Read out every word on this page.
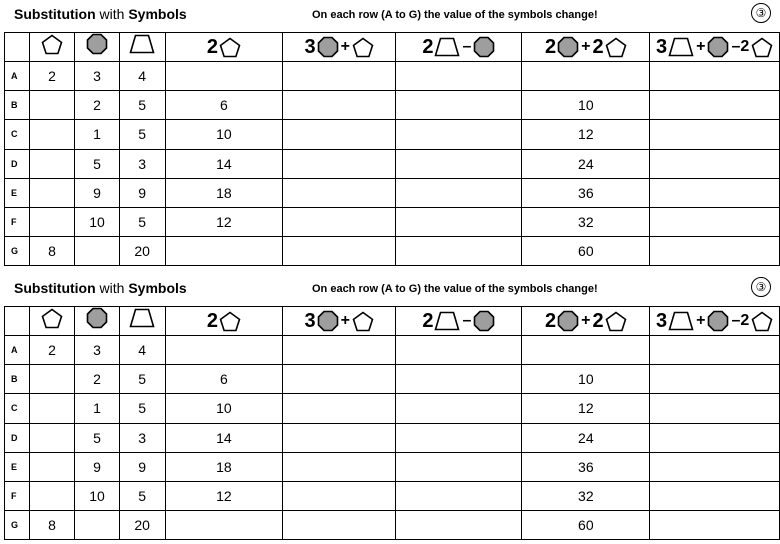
Substitution with Symbols	On each row (A to G) the value of the symbols change!	③

2	3 +	2 –	2 + 2	3 + –2

A	2	3	4					
B		2	5	6			10	
C		1	5	10			12	
D		5	3	14			24	
E		9	9	18			36	
F		10	5	12			32	
G	8		20				60	
Substitution with Symbols	On each row (A to G) the value of the symbols change!	③

2	3 +	2 –	2 + 2	3 + –2

A	2	3	4					
B		2	5	6			10	
C		1	5	10			12	
D		5	3	14			24	
E		9	9	18			36	
F		10	5	12			32	
G	8		20				60	
